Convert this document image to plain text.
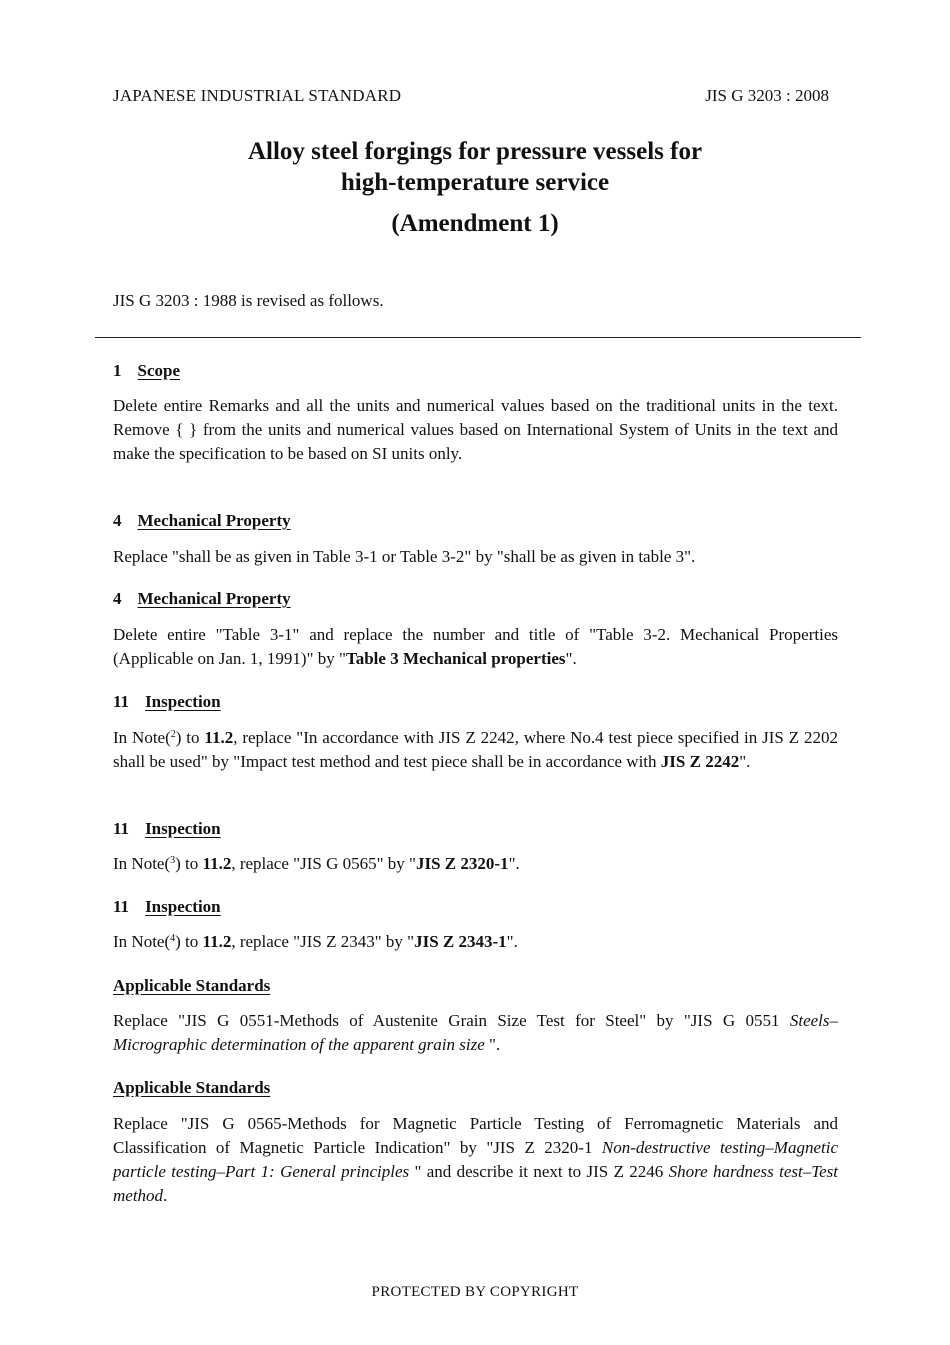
JAPANESE INDUSTRIAL STANDARD	JIS G 3203 : 2008
Alloy steel forgings for pressure vessels for
high-temperature service
(Amendment 1)
JIS G 3203 : 1988 is revised as follows.
1 Scope
Delete entire Remarks and all the units and numerical values based on the traditional units in the text. Remove { } from the units and numerical values based on International System of Units in the text and make the specification to be based on SI units only.
4 Mechanical Property
Replace "shall be as given in Table 3-1 or Table 3-2" by "shall be as given in table 3".
4 Mechanical Property
Delete entire "Table 3-1" and replace the number and title of "Table 3-2. Mechanical Properties (Applicable on Jan. 1, 1991)" by "Table 3 Mechanical properties".
11 Inspection
In Note($^2$) to 11.2, replace "In accordance with JIS Z 2242, where No.4 test piece specified in JIS Z 2202 shall be used" by "Impact test method and test piece shall be in accordance with JIS Z 2242".
11 Inspection
In Note($^3$) to 11.2, replace "JIS G 0565" by "JIS Z 2320-1".
11 Inspection
In Note($^4$) to 11.2, replace "JIS Z 2343" by "JIS Z 2343-1".
Applicable Standards
Replace "JIS G 0551-Methods of Austenite Grain Size Test for Steel" by "JIS G 0551 Steels–Micrographic determination of the apparent grain size ".
Applicable Standards
Replace "JIS G 0565-Methods for Magnetic Particle Testing of Ferromagnetic Materials and Classification of Magnetic Particle Indication" by "JIS Z 2320-1 Non-destructive testing–Magnetic particle testing–Part 1: General principles " and describe it next to JIS Z 2246 Shore hardness test–Test method.
PROTECTED BY COPYRIGHT
